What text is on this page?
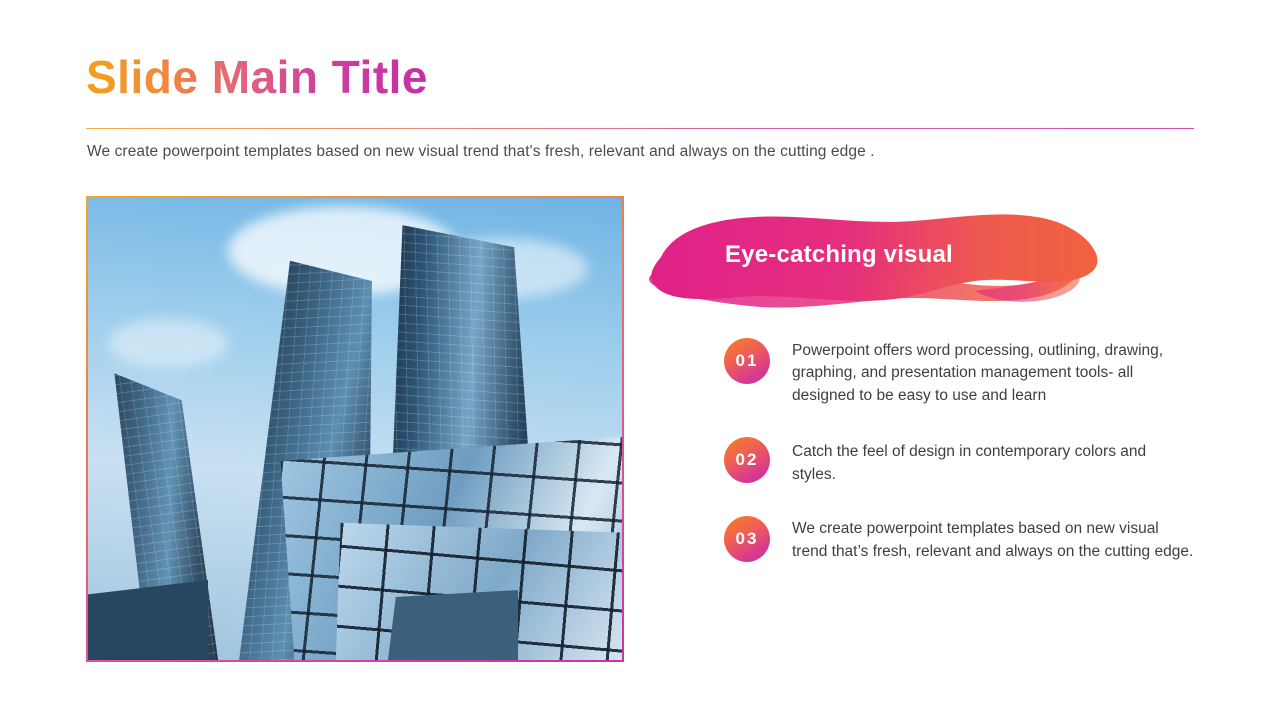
Slide Main Title
We create powerpoint templates based on new visual trend that's fresh, relevant and always on the cutting edge .
Eye-catching visual
01
Powerpoint offers word processing, outlining, drawing, graphing, and presentation management tools- all designed to be easy to use and learn
02	Catch the feel of design in contemporary colors and styles.
03
We create powerpoint templates based on new visual trend that’s fresh, relevant and always on the cutting edge.
